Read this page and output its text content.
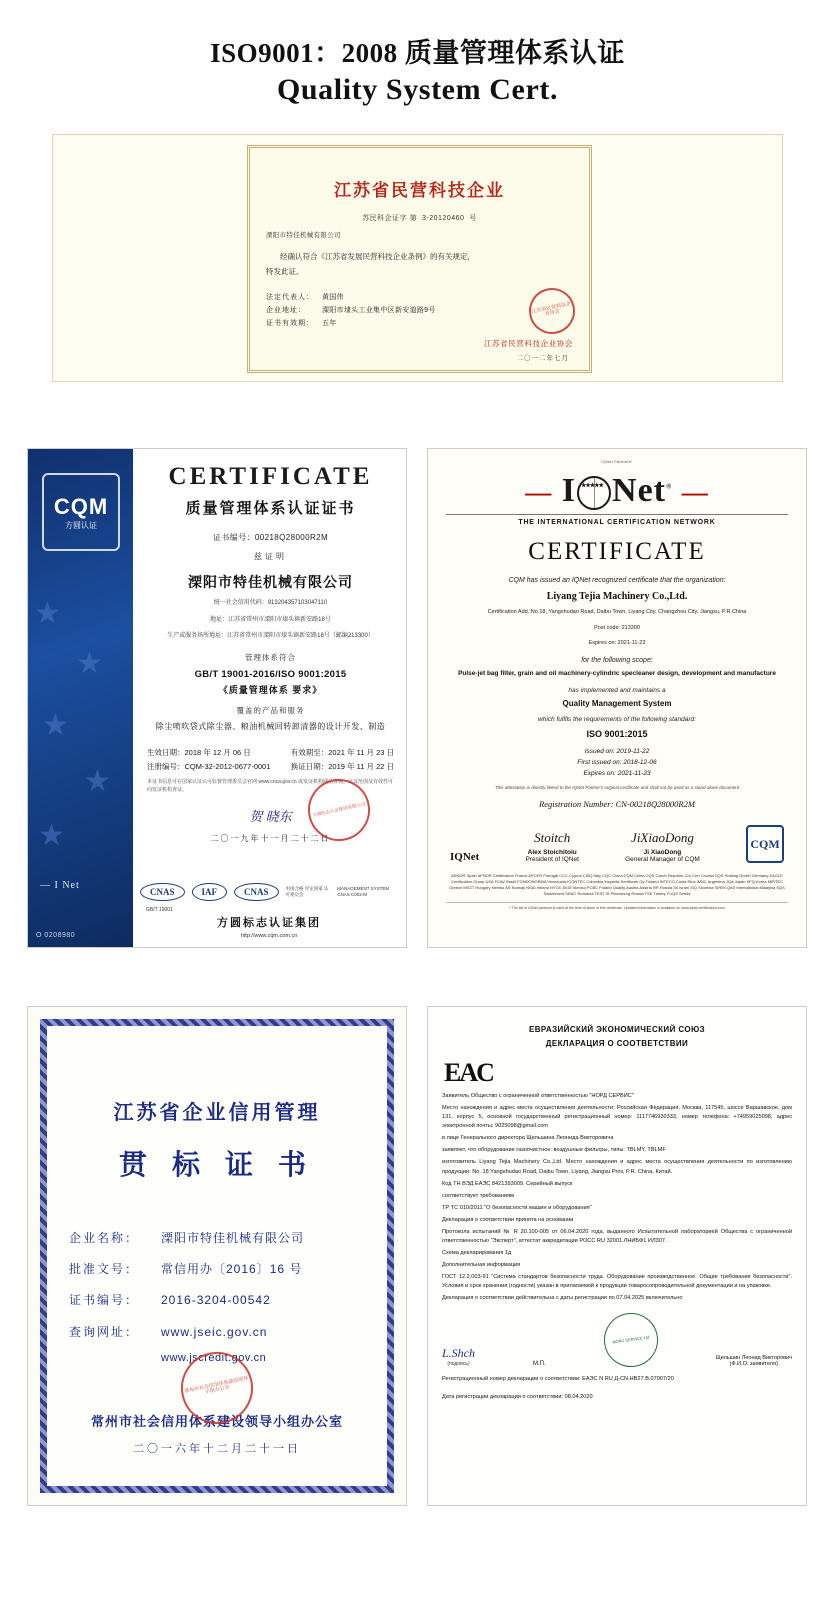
ISO9001：2008 质量管理体系认证
Quality System Cert.
江苏省民营科技企业
苏民科企证字 第 3-20120460 号
溧阳市特佳机械有限公司
经确认符合《江苏省发展民营科技企业条例》的有关规定，
特发此证。
法定代表人： 黄国伟
企业地址： 溧阳市埭头工业集中区新安道路9号
证书有效期： 五年
江苏省民营科技企业协会
二〇一二年七月
江苏省民营科技企业协会
★
★
★
★
★
CQM
方圆认证
— I Net
O 0208980
CERTIFICATE
质量管理体系认证证书
证书编号：00218Q28000R2M
兹证明
溧阳市特佳机械有限公司
统一社会信用代码：913204357103047110
地址：江苏省常州市溧阳市埭头镇新安路18号
生产或服务场所地址：江苏省常州市溧阳市埭头镇新安路18号（邮编213300）
管理体系符合
GB/T 19001-2016/ISO 9001:2015
《质量管理体系 要求》
覆盖的产品和服务
除尘喷吹袋式除尘器、粮油机械回转卸清器的设计开发、制造
生效日期：2018 年 12 月 06 日	有效期至：2021 年 11 月 23 日
注册编号：CQM-32-2012-0677-0001	换证日期：2019 年 11 月 22 日
本证书信息可在国家认证认可监督管理委员会官网 www.cnca.gov.cn 或发证机构网站查询。认证范围及有效性可向发证机构查证。
贺 晓东
二〇一九年十一月二十二日
方圆标志认证集团有限公司
GB/T 19001
CNAS	IAF	CNAS	中国合格 评定国家 认可委员会
MANAGEMENT SYSTEM CNAS C002-M
方圆标志认证集团
http://www.cqm.com.cn
IQNet Partners*
— I ★★★★★ Net® —
THE INTERNATIONAL CERTIFICATION NETWORK
CERTIFICATE
CQM has issued an IQNet recognized certificate that the organization:
Liyang Tejia Machinery Co.,Ltd.
Certification Add.:No.18, Yangshudao Road, Daibu Town, Liyang City, Changzhou City, Jiangsu, P.R.China
Post code: 213300
Expires on: 2021-11-23
for the following scope:
Pulse-jet bag filter, grain and oil machinery-cylindric specleaner design, development and manufacture
has implemented and maintains a
Quality Management System
which fulfils the requirements of the following standard:
ISO 9001:2015
Issued on: 2019-11-22
First issued on: 2018-12-06
Expires on: 2021-11-23
This attestation is directly linked to the IQNet Partner's original certificate and shall not be used as a stand-alone document
Registration Number: CN-00218Q28000R2M
IQNet
Stoitch
Alex Stoichitoiu
President of IQNet
JiXiaoDong
Ji XiaoDong
General Manager of CQM
CQM
AENOR Spain AFNOR Certification France APCER Portugal CCC Cyprus CISQ Italy CQC China CQM China CQS Czech Republic Cro Cert Croatia DQS Holding GmbH Germany EAGLE Certification Group USA FCAV Brazil FONDONORMA Venezuela ICONTEC Colombia Inspecta Sertifiointi Oy Finland INTECO Costa Rica IMNC Argentina JQA Japan KFQ Korea MIRTEC Greece MSZT Hungary Nemko AS Norway NSAI Ireland NYCE-SIGE Mexico PCBC Poland Quality Austria Austria RR Russia SII Israel SIQ Slovenia SIRIM QAS International Malaysia SQS Switzerland SRAC Romania TEST St Petersburg Russia TSE Turkey YUQS Serbia
* The list of IQNet partners is valid at the time of issue of this certificate. Updated information is available on www.iqnet-certification.com
江苏省企业信用管理
贯 标 证 书
企业名称：	溧阳市特佳机械有限公司
批准文号：	常信用办〔2016〕16 号
证书编号：	2016-3204-00542
查询网址：	www.jseic.gov.cn
www.jscredit.gov.cn
常州市社会信用体系建设领导小组办公室
二〇一六年十二月二十一日
常州市社会信用体系建设领导小组办公室
ЕВРАЗИЙСКИЙ ЭКОНОМИЧЕСКИЙ СОЮЗ
ДЕКЛАРАЦИЯ О СООТВЕТСТВИИ
EAC

Заявитель Общество с ограниченной ответственностью "НОРД СЕРВИС"

Место нахождения и адрес места осуществления деятельности: Российская Федерация, Москва, 117545, шоссе Варшавское, дом 131, корпус 5, основной государственный регистрационный номер: 1117746930333, номер телефона: +74959025098, адрес электронной почты: 9025098@gmail.com

в лице Генерального директора Щельшина Леонида Викторовича

заявляет, что оборудование газоочистное: воздушные фильтры, типы: TBLMY, TBLMF

изготовитель Liyang Tejia Machinery Co.,Ltd. Место нахождения и адрес места осуществления деятельности по изготовлению продукции: No. 18 Yangshudao Road, Daibu Town, Liyang, Jiangsu Prov, P.R. China, Китай.

Код ТН ВЭД ЕАЭС 8421393009. Серийный выпуск

соответствует требованиям

ТР ТС 010/2011 "О безопасности машин и оборудования"

Декларация о соответствии принята на основании

Протокола испытаний № R 20.100-005 от 06.04.2020 года, выданного Испытательной лабораторией Общества с ограниченной ответственностью "Эксперт", аттестат аккредитации РОСС RU 32001.ЛНИБФ1 ИЛ307.

Схема декларирования 1д

Дополнительная информация

ГОСТ 12.2.003-91 "Система стандартов безопасности труда. Оборудование производственное. Общие требования безопасности". Условия и срок хранения (годности) указан в прилагаемой к продукции товаросопроводительной документации и на упаковке.

Декларация о соответствии действительна с даты регистрации по 07.04.2025 включительно

L.Shch
(подпись)	М.П.
NORD SERVICE Ltd
Щельшин Леонид Викторович
(Ф.И.О. заявителя)
Регистрационный номер декларации о соответствии: ЕАЭС N RU Д-CN.НВ27.В.07907/20
Дата регистрации декларации о соответствии: 08.04.2020
